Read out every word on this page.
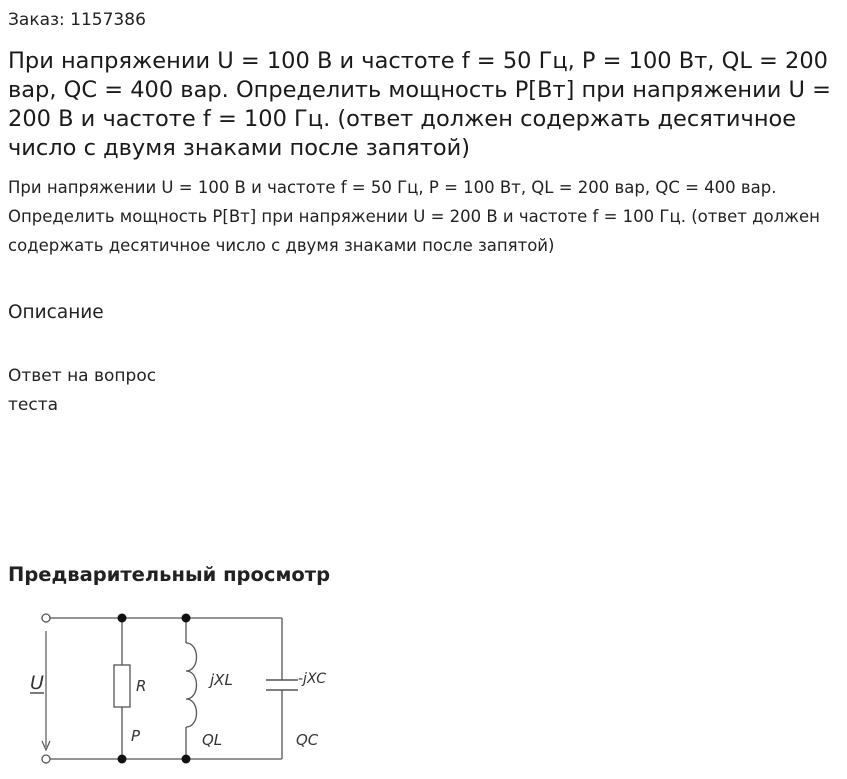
Заказ: 1157386
При напряжении U = 100 В и частоте f = 50 Гц, P = 100 Вт, QL = 200 вар, QC = 400 вар. Определить мощность P[Вт] при напряжении U = 200 В и частоте f = 100 Гц. (ответ должен содержать десятичное число с двумя знаками после запятой)

При напряжении U = 100 В и частоте f = 50 Гц, P = 100 Вт, QL = 200 вар, QC = 400 вар. Определить мощность P[Вт] при напряжении U = 200 В и частоте f = 100 Гц. (ответ должен содержать десятичное число с двумя знаками после запятой)

Описание
Ответ на вопрос теста
Предварительный просмотр
U	R
P
jXL
QL
-jXC
QC
